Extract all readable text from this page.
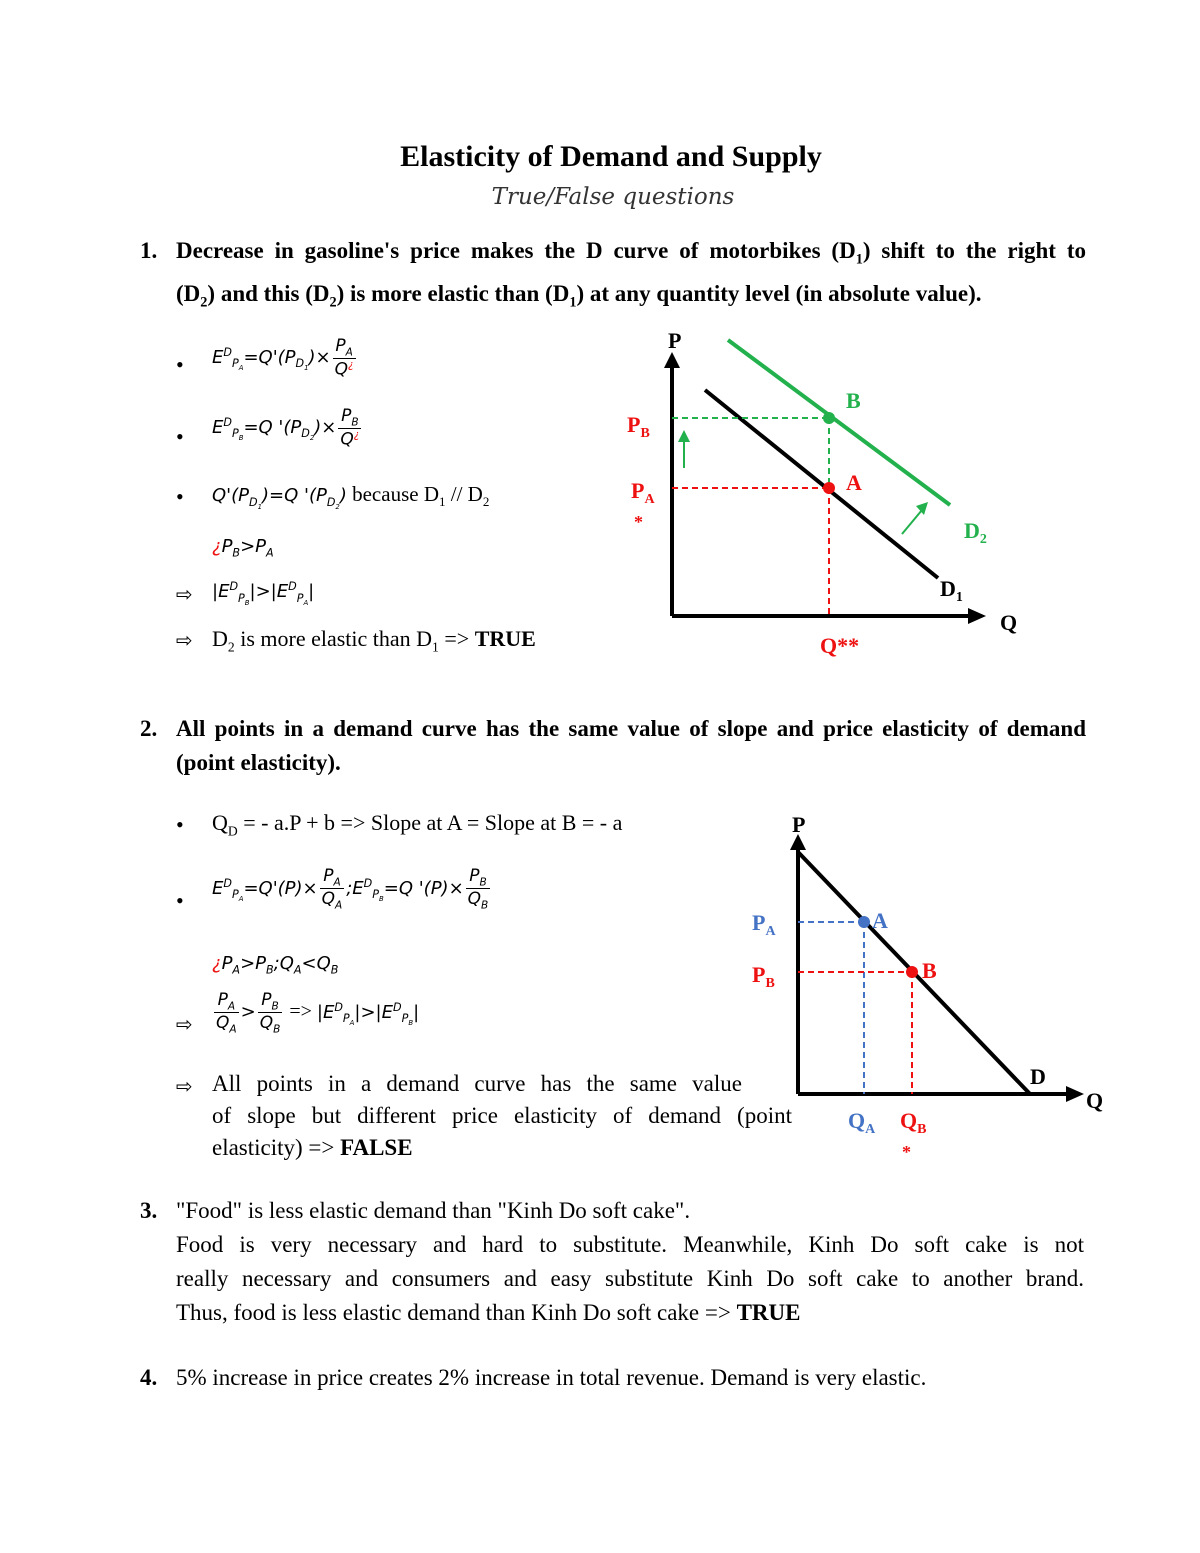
Elasticity of Demand and Supply
True/False questions
1. Decrease in gasoline's price makes the D curve of motorbikes $(D_1)$ shift to the right to
$(D_2)$ and this $(D_2)$ is more elastic than $(D_1)$ at any quantity level (in absolute value).
• $E^D_{P_A}=Q'(P_{D_1})\times \frac{P_A}{Q^¿}$
• $E^D_{P_B}=Q$ '$(P_{D_2})\times \frac{P_B}{Q^¿}$
• $Q'(P_{D_1})=Q$ '$(P_{D_2})$ because $D_1 // D_2$
¿$P_B>P_A$
⇨ $|E^D_{P_B}|>|E^D_{P_A}|$
⇨ $D_2$ is more elastic than $D_1$ => TRUE
P
Q
$P_B$
$P_A$
*
B
A
$D_1$
$D_2$
Q**
2. All points in a demand curve has the same value of slope and price elasticity of demand
(point elasticity).
• $Q_D$ = - a.P + b => Slope at A = Slope at B = - a
• $E^D_{P_A}=Q'(P)\times \frac{P_A}{Q_A}$ $;E^D_{P_B}=Q$ '$(P)\times \frac{P_B}{Q_B}$
¿$P_A>P_B;Q_A<Q_B$
⇨ $\frac{P_A}{Q_A} > \frac{P_B}{Q_B} => |E^D_{P_A}|>|E^D_{P_B}|$
⇨ All points in a demand curve has the same value
of slope but different price elasticity of demand (point
elasticity) => FALSE
P
Q
$P_A$
$P_B$
A
B
D
$Q_A$ $Q_B$
*
3. "Food" is less elastic demand than "Kinh Do soft cake".
Food is very necessary and hard to substitute. Meanwhile, Kinh Do soft cake is not
really necessary and consumers and easy substitute Kinh Do soft cake to another brand.
Thus, food is less elastic demand than Kinh Do soft cake => TRUE
4. 5% increase in price creates 2% increase in total revenue. Demand is very elastic.
